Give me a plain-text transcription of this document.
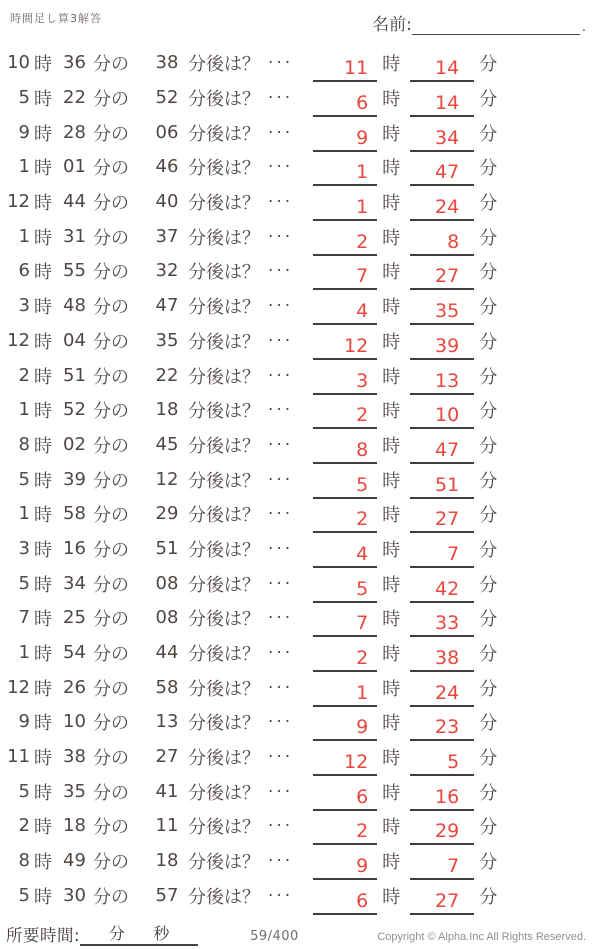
時間足し算3解答	名前:	.
10 時 36 分の 38 分後は？ ···	11 時 14 分
5 時 22 分の 52 分後は？ ···	6 時 14 分
9 時 28 分の 06 分後は？ ···	9 時 34 分
1 時 01 分の 46 分後は？ ···	1 時 47 分
12 時 44 分の 40 分後は？ ···	1 時 24 分
1 時 31 分の 37 分後は？ ···	2 時 8 分
6 時 55 分の 32 分後は？ ···	7 時 27 分
3 時 48 分の 47 分後は？ ···	4 時 35 分
12 時 04 分の 35 分後は？ ···	12 時 39 分
2 時 51 分の 22 分後は？ ···	3 時 13 分
1 時 52 分の 18 分後は？ ···	2 時 10 分
8 時 02 分の 45 分後は？ ···	8 時 47 分
5 時 39 分の 12 分後は？ ···	5 時 51 分
1 時 58 分の 29 分後は？ ···	2 時 27 分
3 時 16 分の 51 分後は？ ···	4 時 7 分
5 時 34 分の 08 分後は？ ···	5 時 42 分
7 時 25 分の 08 分後は？ ···	7 時 33 分
1 時 54 分の 44 分後は？ ···	2 時 38 分
12 時 26 分の 58 分後は？ ···	1 時 24 分
9 時 10 分の 13 分後は？ ···	9 時 23 分
11 時 38 分の 27 分後は？ ···	12 時 5 分
5 時 35 分の 41 分後は？ ···	6 時 16 分
2 時 18 分の 11 分後は？ ···	2 時 29 分
8 時 49 分の 18 分後は？ ···	9 時 7 分
5 時 30 分の 57 分後は？ ···	6 時 27 分
所要時間: 分 秒	59/400	Copyright © Alpha.Inc All Rights Reserved.
